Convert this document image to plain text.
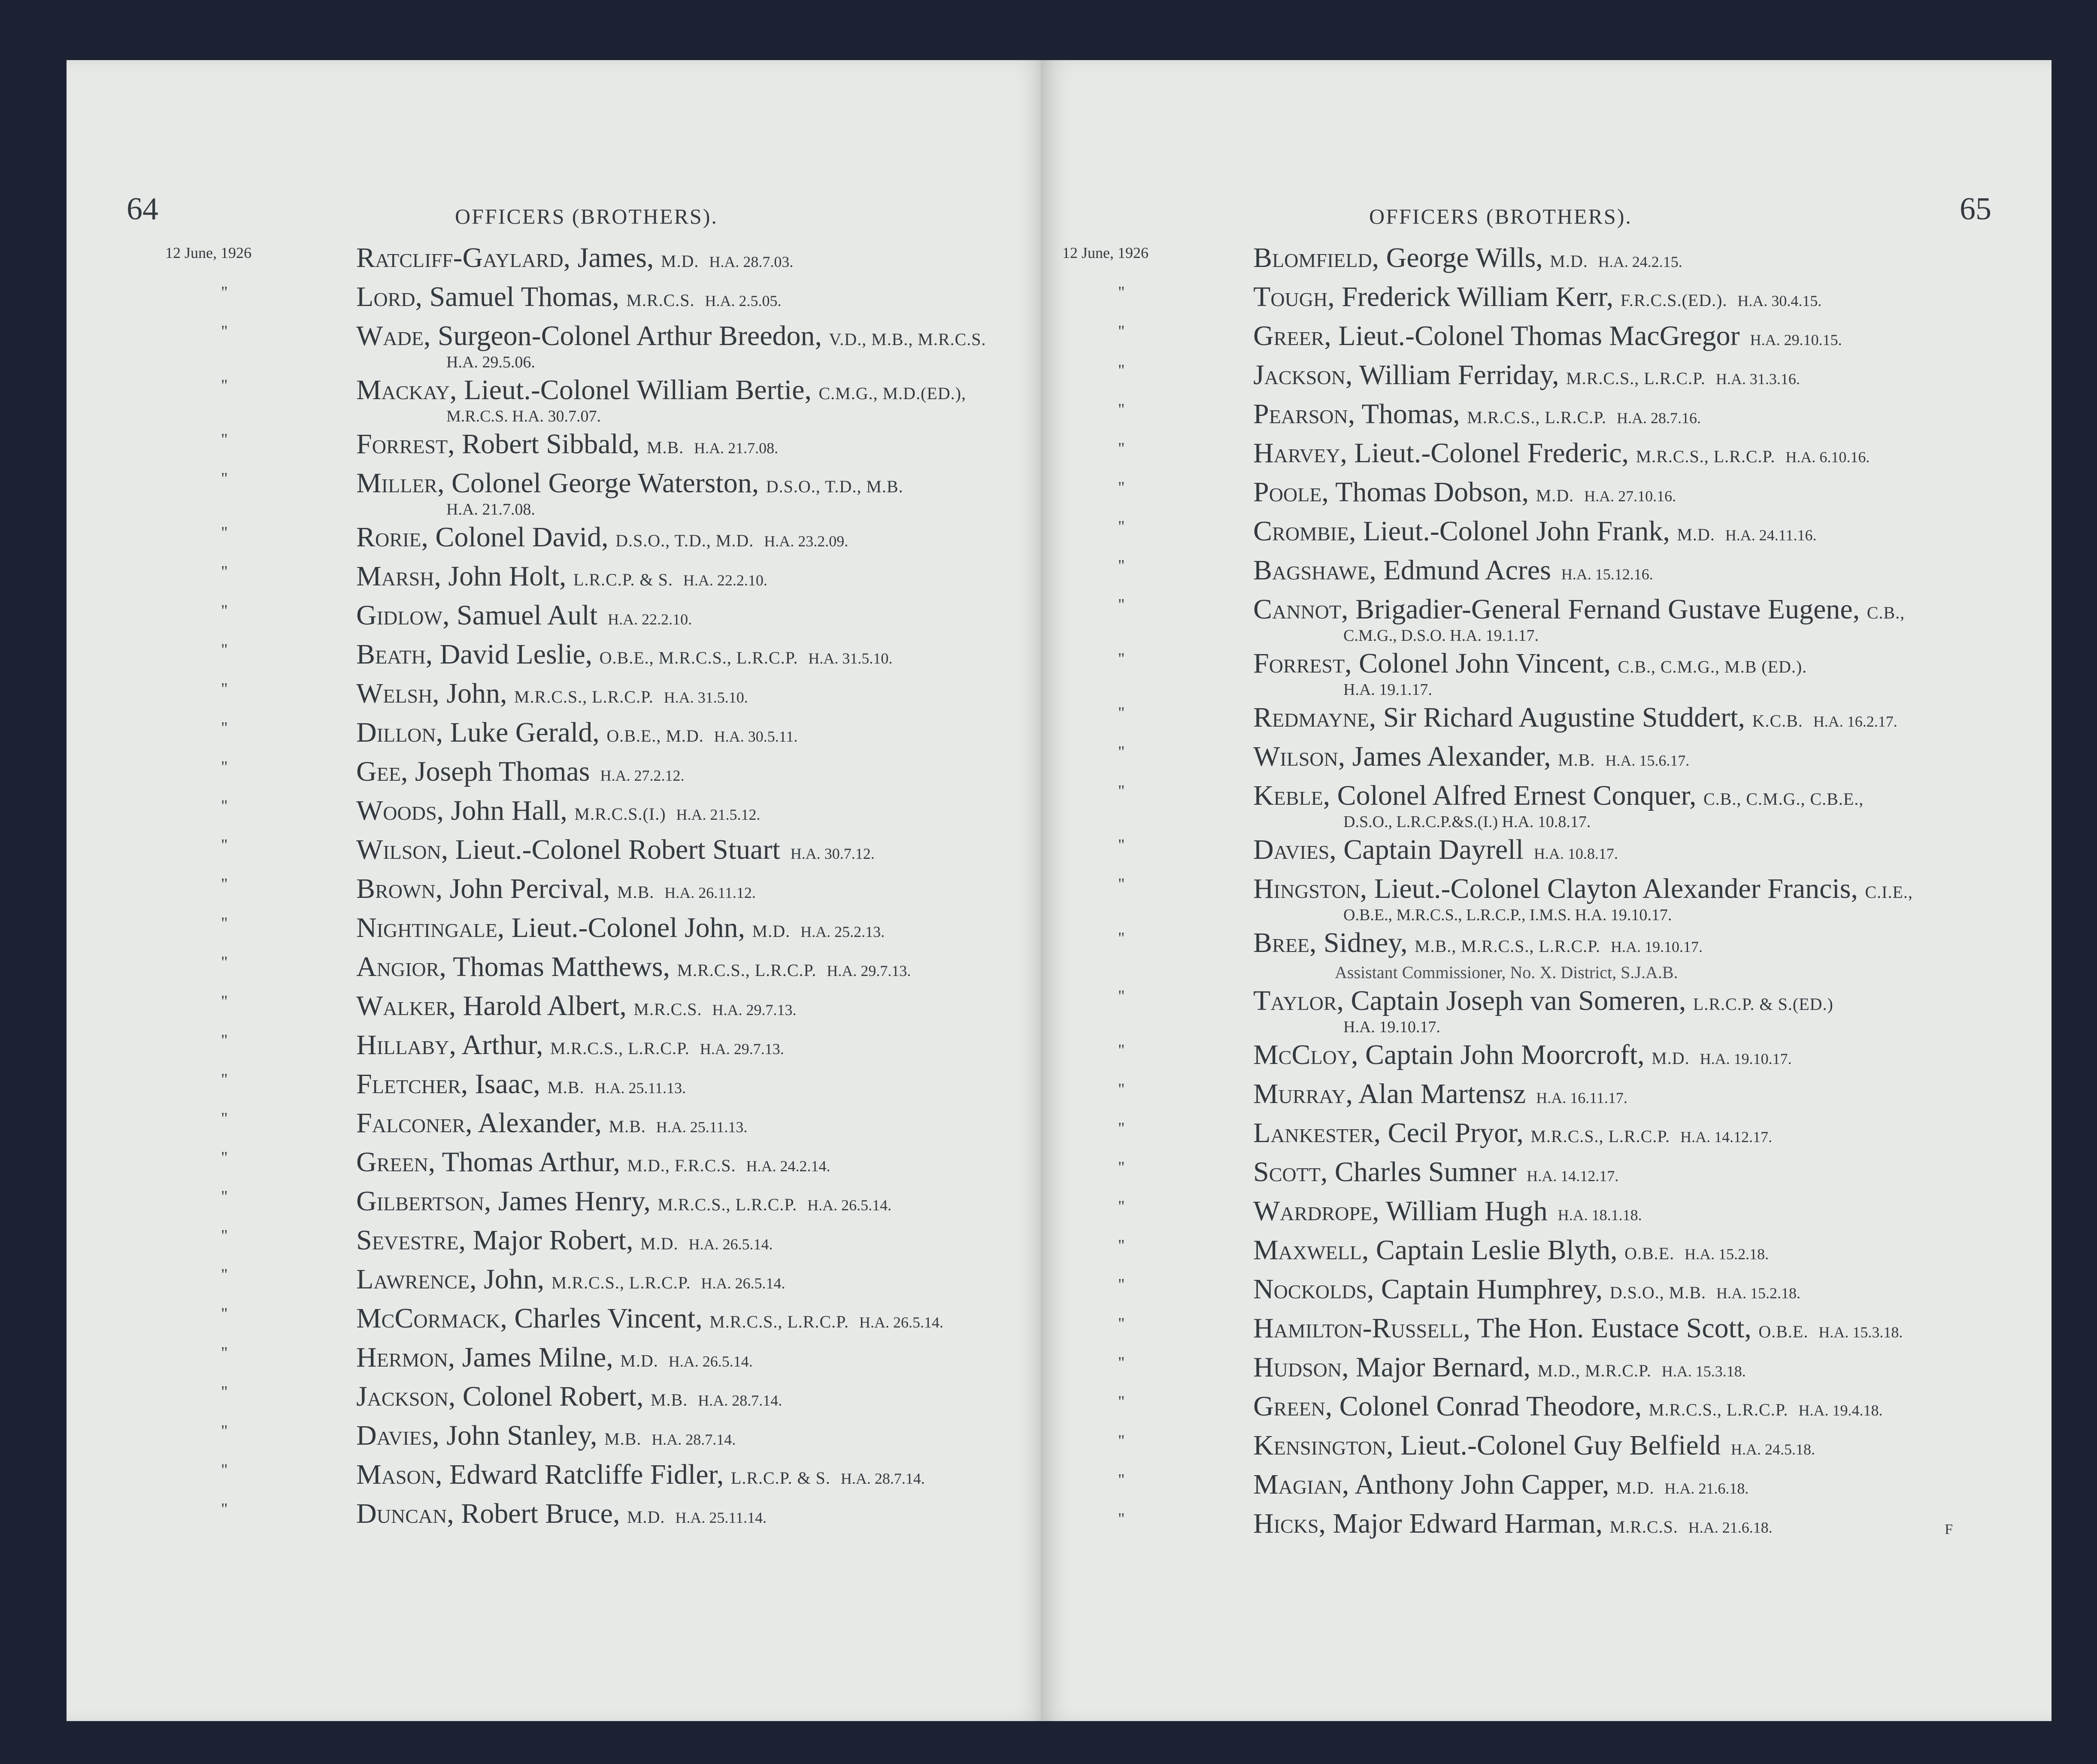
64	OFFICERS (BROTHERS).
12 June, 1926	Ratcliff-Gaylard, James, M.D. H.A. 28.7.03.
"	Lord, Samuel Thomas, M.R.C.S. H.A. 2.5.05.
"	Wade, Surgeon-Colonel Arthur Breedon, V.D., M.B., M.R.C.S.
H.A. 29.5.06.
"	Mackay, Lieut.-Colonel William Bertie, C.M.G., M.D.(ED.),
M.R.C.S. H.A. 30.7.07.
"	Forrest, Robert Sibbald, M.B. H.A. 21.7.08.
"	Miller, Colonel George Waterston, D.S.O., T.D., M.B.
H.A. 21.7.08.
"	Rorie, Colonel David, D.S.O., T.D., M.D. H.A. 23.2.09.
"	Marsh, John Holt, L.R.C.P. & S. H.A. 22.2.10.
"	Gidlow, Samuel Ault H.A. 22.2.10.
"	Beath, David Leslie, O.B.E., M.R.C.S., L.R.C.P. H.A. 31.5.10.
"	Welsh, John, M.R.C.S., L.R.C.P. H.A. 31.5.10.
"	Dillon, Luke Gerald, O.B.E., M.D. H.A. 30.5.11.
"	Gee, Joseph Thomas H.A. 27.2.12.
"	Woods, John Hall, M.R.C.S.(I.) H.A. 21.5.12.
"	Wilson, Lieut.-Colonel Robert Stuart H.A. 30.7.12.
"	Brown, John Percival, M.B. H.A. 26.11.12.
"	Nightingale, Lieut.-Colonel John, M.D. H.A. 25.2.13.
"	Angior, Thomas Matthews, M.R.C.S., L.R.C.P. H.A. 29.7.13.
"	Walker, Harold Albert, M.R.C.S. H.A. 29.7.13.
"	Hillaby, Arthur, M.R.C.S., L.R.C.P. H.A. 29.7.13.
"	Fletcher, Isaac, M.B. H.A. 25.11.13.
"	Falconer, Alexander, M.B. H.A. 25.11.13.
"	Green, Thomas Arthur, M.D., F.R.C.S. H.A. 24.2.14.
"	Gilbertson, James Henry, M.R.C.S., L.R.C.P. H.A. 26.5.14.
"	Sevestre, Major Robert, M.D. H.A. 26.5.14.
"	Lawrence, John, M.R.C.S., L.R.C.P. H.A. 26.5.14.
"	McCormack, Charles Vincent, M.R.C.S., L.R.C.P. H.A. 26.5.14.
"	Hermon, James Milne, M.D. H.A. 26.5.14.
"	Jackson, Colonel Robert, M.B. H.A. 28.7.14.
"	Davies, John Stanley, M.B. H.A. 28.7.14.
"	Mason, Edward Ratcliffe Fidler, L.R.C.P. & S. H.A. 28.7.14.
"	Duncan, Robert Bruce, M.D. H.A. 25.11.14.
65
OFFICERS (BROTHERS).
12 June, 1926	Blomfield, George Wills, M.D. H.A. 24.2.15.
"	Tough, Frederick William Kerr, F.R.C.S.(ED.). H.A. 30.4.15.
"	Greer, Lieut.-Colonel Thomas MacGregor H.A. 29.10.15.
"	Jackson, William Ferriday, M.R.C.S., L.R.C.P. H.A. 31.3.16.
"	Pearson, Thomas, M.R.C.S., L.R.C.P. H.A. 28.7.16.
"	Harvey, Lieut.-Colonel Frederic, M.R.C.S., L.R.C.P. H.A. 6.10.16.
"	Poole, Thomas Dobson, M.D. H.A. 27.10.16.
"	Crombie, Lieut.-Colonel John Frank, M.D. H.A. 24.11.16.
"	Bagshawe, Edmund Acres H.A. 15.12.16.
"	Cannot, Brigadier-General Fernand Gustave Eugene, C.B.,
C.M.G., D.S.O. H.A. 19.1.17.
"	Forrest, Colonel John Vincent, C.B., C.M.G., M.B (ED.).
H.A. 19.1.17.
"	Redmayne, Sir Richard Augustine Studdert, K.C.B. H.A. 16.2.17.
"	Wilson, James Alexander, M.B. H.A. 15.6.17.
"	Keble, Colonel Alfred Ernest Conquer, C.B., C.M.G., C.B.E.,
D.S.O., L.R.C.P.&S.(I.) H.A. 10.8.17.
"	Davies, Captain Dayrell H.A. 10.8.17.
"	Hingston, Lieut.-Colonel Clayton Alexander Francis, C.I.E.,
O.B.E., M.R.C.S., L.R.C.P., I.M.S. H.A. 19.10.17.
"	Bree, Sidney, M.B., M.R.C.S., L.R.C.P. H.A. 19.10.17.
Assistant Commissioner, No. X. District, S.J.A.B.
"	Taylor, Captain Joseph van Someren, L.R.C.P. & S.(ED.)
H.A. 19.10.17.
"	McCloy, Captain John Moorcroft, M.D. H.A. 19.10.17.
"	Murray, Alan Martensz H.A. 16.11.17.
"	Lankester, Cecil Pryor, M.R.C.S., L.R.C.P. H.A. 14.12.17.
"	Scott, Charles Sumner H.A. 14.12.17.
"	Wardrope, William Hugh H.A. 18.1.18.
"	Maxwell, Captain Leslie Blyth, O.B.E. H.A. 15.2.18.
"	Nockolds, Captain Humphrey, D.S.O., M.B. H.A. 15.2.18.
"	Hamilton-Russell, The Hon. Eustace Scott, O.B.E. H.A. 15.3.18.
"	Hudson, Major Bernard, M.D., M.R.C.P. H.A. 15.3.18.
"	Green, Colonel Conrad Theodore, M.R.C.S., L.R.C.P. H.A. 19.4.18.
"	Kensington, Lieut.-Colonel Guy Belfield H.A. 24.5.18.
"	Magian, Anthony John Capper, M.D. H.A. 21.6.18.
"	Hicks, Major Edward Harman, M.R.C.S. H.A. 21.6.18.	F
